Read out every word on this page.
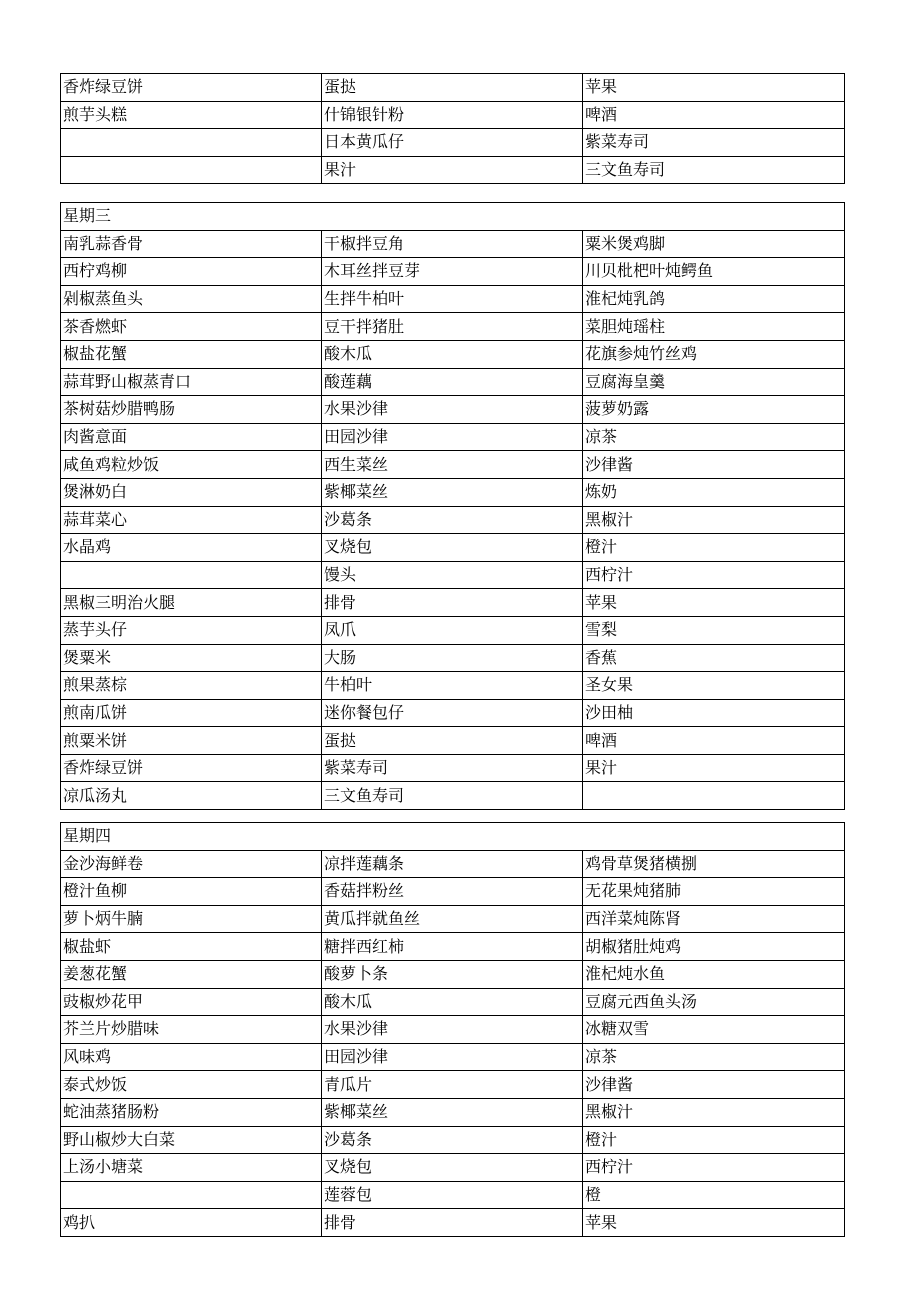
香炸绿豆饼	蛋挞	苹果
煎芋头糕	什锦银针粉	啤酒
	日本黄瓜仔	紫菜寿司
	果汁	三文鱼寿司
星期三		
南乳蒜香骨	干椒拌豆角	粟米煲鸡脚
西柠鸡柳	木耳丝拌豆芽	川贝枇杷叶炖鳄鱼
剁椒蒸鱼头	生拌牛柏叶	淮杞炖乳鸽
茶香燃虾	豆干拌猪肚	菜胆炖瑶柱
椒盐花蟹	酸木瓜	花旗参炖竹丝鸡
蒜茸野山椒蒸青口	酸莲藕	豆腐海皇羹
茶树菇炒腊鸭肠	水果沙律	菠萝奶露
肉酱意面	田园沙律	凉茶
咸鱼鸡粒炒饭	西生菜丝	沙律酱
煲淋奶白	紫椰菜丝	炼奶
蒜茸菜心	沙葛条	黑椒汁
水晶鸡	叉烧包	橙汁
	馒头	西柠汁
黑椒三明治火腿	排骨	苹果
蒸芋头仔	凤爪	雪梨
煲粟米	大肠	香蕉
煎果蒸棕	牛柏叶	圣女果
煎南瓜饼	迷你餐包仔	沙田柚
煎粟米饼	蛋挞	啤酒
香炸绿豆饼	紫菜寿司	果汁
凉瓜汤丸	三文鱼寿司	
星期四		
金沙海鲜卷	凉拌莲藕条	鸡骨草煲猪横捌
橙汁鱼柳	香菇拌粉丝	无花果炖猪肺
萝卜炳牛腩	黄瓜拌就鱼丝	西洋菜炖陈肾
椒盐虾	糖拌西红柿	胡椒猪肚炖鸡
姜葱花蟹	酸萝卜条	淮杞炖水鱼
豉椒炒花甲	酸木瓜	豆腐元西鱼头汤
芥兰片炒腊味	水果沙律	冰糖双雪
风味鸡	田园沙律	凉茶
泰式炒饭	青瓜片	沙律酱
蛇油蒸猪肠粉	紫椰菜丝	黑椒汁
野山椒炒大白菜	沙葛条	橙汁
上汤小塘菜	叉烧包	西柠汁
	莲蓉包	橙
鸡扒	排骨	苹果
